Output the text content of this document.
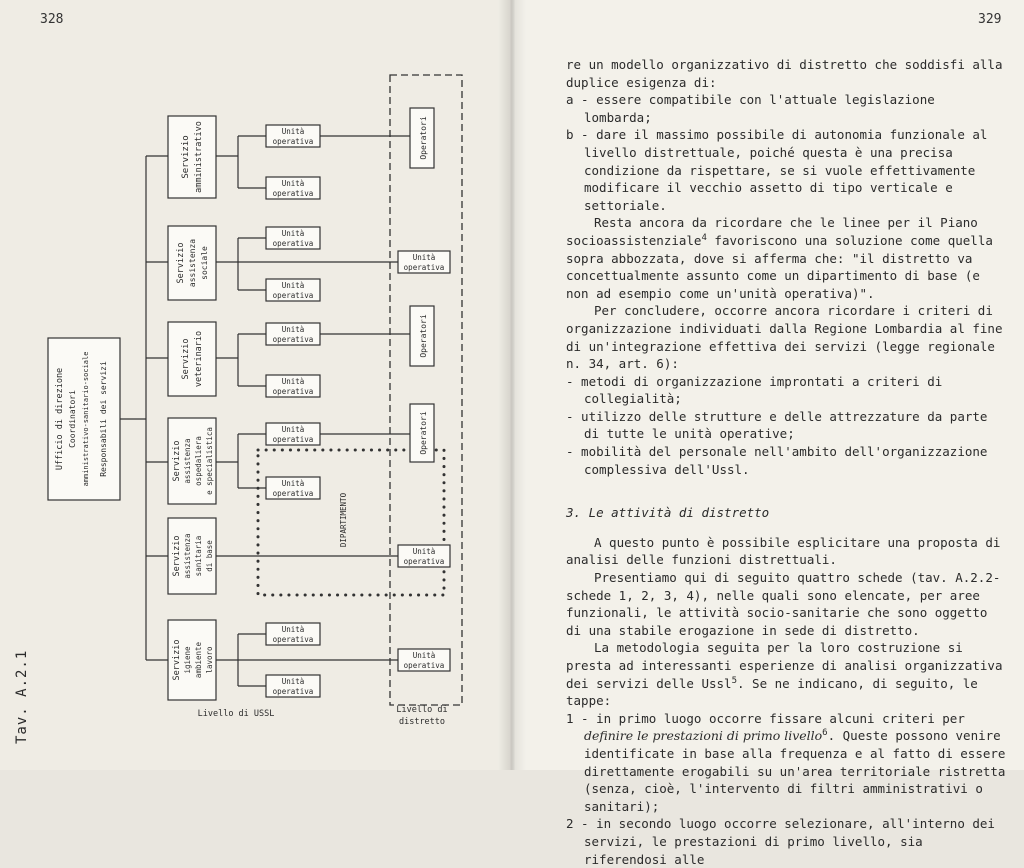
328	329
Tav. A.2.1
Ufficio di direzione Coordinatori amministrativo-sanitario-sociale Responsabili dei servizi
Servizio amministrativo
Servizio assistenza sociale
Servizio veterinario
Servizio assistenza ospedaliera e specialistica
Servizio assistenza sanitaria di base
Servizio igiene ambiente lavoro
Unità
operativa
Unità
operativa
Unità
operativa
Unità
operativa
Unità
operativa
Unità
operativa
Unità
operativa
Unità
operativa
Unità
operativa
Unità
operativa
Operatori
Operatori
Operatori
Unità
operativa
Unità
operativa
Unità
operativa
DIPARTIMENTO
Livello di USSL	Livello di
distretto

re un modello organizzativo di distretto che soddisfi alla duplice esigenza di:

a - essere compatibile con l'attuale legislazione lombarda;

b - dare il massimo possibile di autonomia funzionale al livello distrettuale, poiché questa è una precisa condizione da rispettare, se si vuole effettivamente modificare il vecchio assetto di tipo verticale e settoriale.

Resta ancora da ricordare che le linee per il Piano socioassistenziale$^4$ favoriscono una soluzione come quella sopra abbozzata, dove si afferma che: "il distretto va concettualmente assunto come un dipartimento di base (e non ad esempio come un'unità operativa)".

Per concludere, occorre ancora ricordare i criteri di organizzazione individuati dalla Regione Lombardia al fine di un'integrazione effettiva dei servizi (legge regionale n. 34, art. 6):

- metodi di organizzazione improntati a criteri di collegialità;

- utilizzo delle strutture e delle attrezzature da parte di tutte le unità operative;

- mobilità del personale nell'ambito dell'organizzazione complessiva dell'Ussl.

3. Le attività di distretto

A questo punto è possibile esplicitare una proposta di analisi delle funzioni distrettuali.

Presentiamo qui di seguito quattro schede (tav. A.2.2-schede 1, 2, 3, 4), nelle quali sono elencate, per aree funzionali, le attività socio-sanitarie che sono oggetto di una stabile erogazione in sede di distretto.

La metodologia seguita per la loro costruzione si presta ad interessanti esperienze di analisi organizzativa dei servizi delle Ussl$^5$. Se ne indicano, di seguito, le tappe:

1 - in primo luogo occorre fissare alcuni criteri per definire le prestazioni di primo livello$^6$. Queste possono venire identificate in base alla frequenza e al fatto di essere direttamente erogabili su un'area territoriale ristretta (senza, cioè, l'intervento di filtri amministrativi o sanitari);

2 - in secondo luogo occorre selezionare, all'interno dei servizi, le prestazioni di primo livello, sia riferendosi alle
